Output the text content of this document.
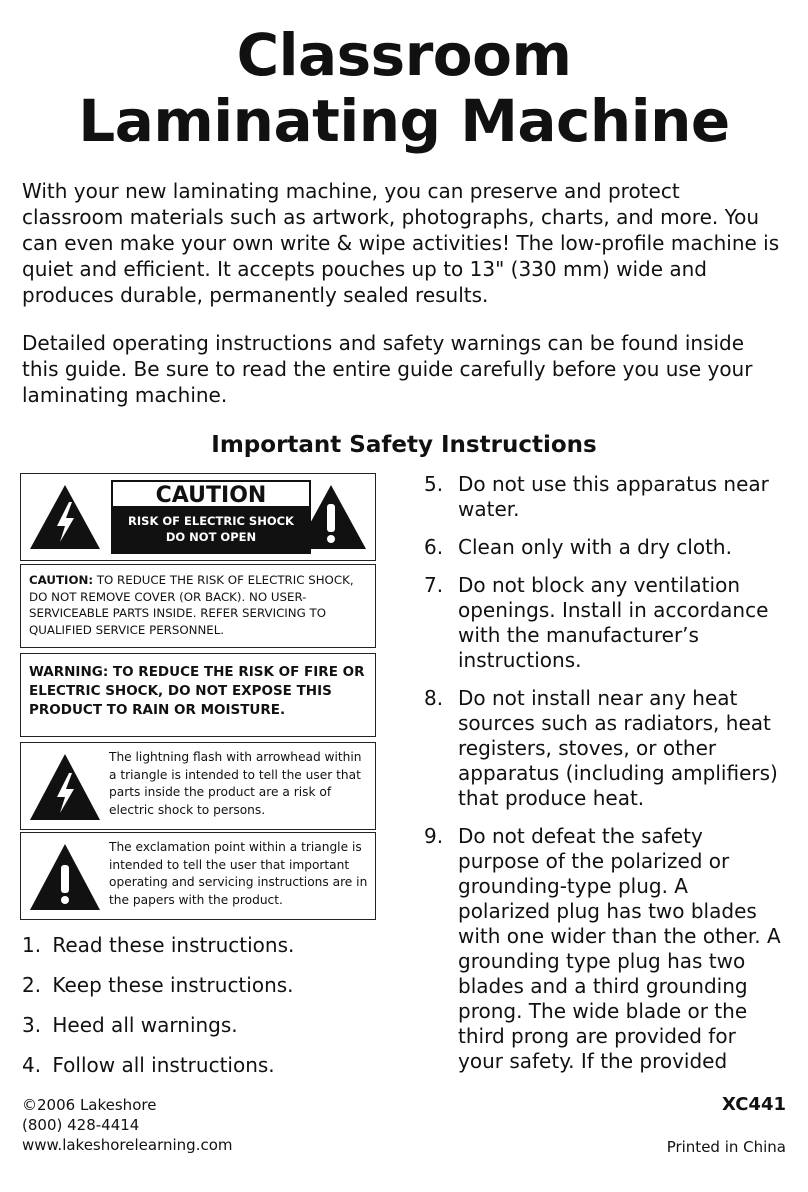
Classroom
Laminating Machine

With your new laminating machine, you can preserve and protect classroom materials such as artwork, photographs, charts, and more. You can even make your own write & wipe activities! The low-profile machine is quiet and efficient. It accepts pouches up to 13" (330 mm) wide and produces durable, permanently sealed results.

Detailed operating instructions and safety warnings can be found inside this guide. Be sure to read the entire guide carefully before you use your laminating machine.

Important Safety Instructions
CAUTION
RISK OF ELECTRIC SHOCK
DO NOT OPEN
CAUTION: TO REDUCE THE RISK OF ELECTRIC SHOCK, DO NOT REMOVE COVER (OR BACK). NO USER-SERVICEABLE PARTS INSIDE. REFER SERVICING TO QUALIFIED SERVICE PERSONNEL.
WARNING: TO REDUCE THE RISK OF FIRE OR ELECTRIC SHOCK, DO NOT EXPOSE THIS PRODUCT TO RAIN OR MOISTURE.
The lightning flash with arrowhead within a triangle is intended to tell the user that parts inside the product are a risk of electric shock to persons.
The exclamation point within a triangle is intended to tell the user that important operating and servicing instructions are in the papers with the product.
1. Read these instructions.
2. Keep these instructions.
3. Heed all warnings.
4. Follow all instructions.
5. Do not use this apparatus near water.
6. Clean only with a dry cloth.
7. Do not block any ventilation openings. Install in accordance with the manufacturer’s instructions.
8. Do not install near any heat sources such as radiators, heat registers, stoves, or other apparatus (including amplifiers) that produce heat.
9. Do not defeat the safety purpose of the polarized or grounding-type plug. A polarized plug has two blades with one wider than the other. A grounding type plug has two blades and a third grounding prong. The wide blade or the third prong are provided for your safety. If the provided
©2006 Lakeshore
(800) 428-4414
www.lakeshorelearning.com
XC441
Printed in China
